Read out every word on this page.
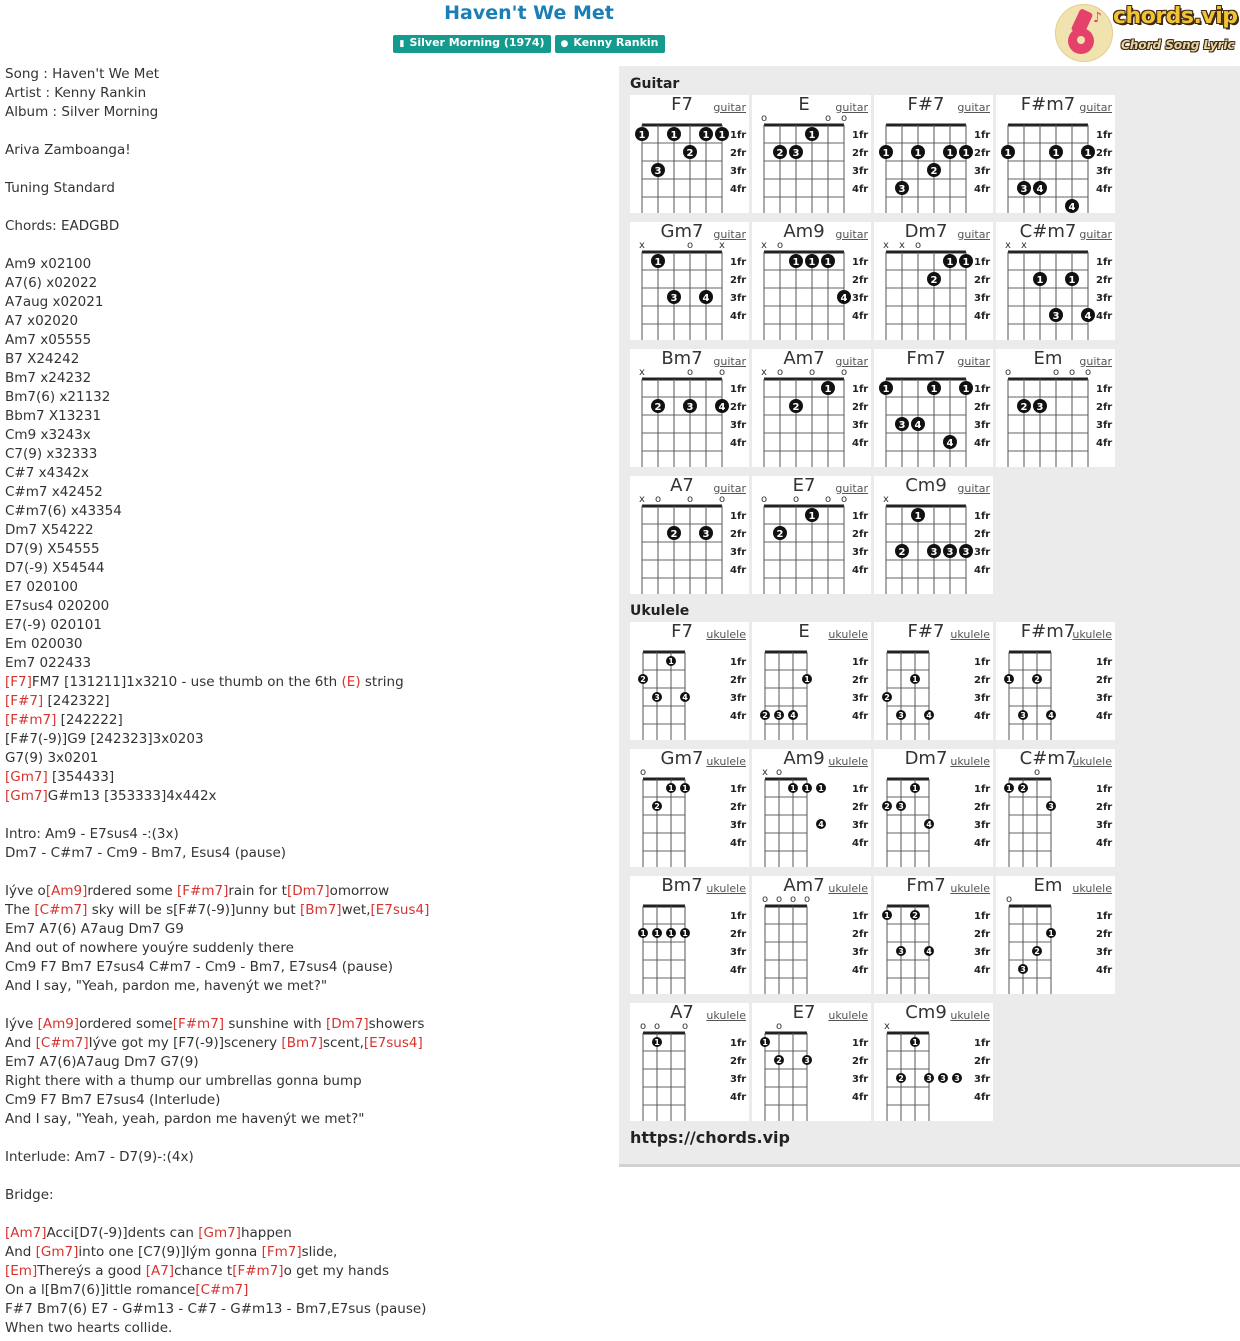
Haven't We Met
▮ Silver Morning (1974) ● Kenny Rankin
♪ chords.vip
Chord Song Lyric
Song : Haven't We Met
Artist : Kenny Rankin
Album : Silver Morning
Ariva Zamboanga!
Tuning Standard
Chords: EADGBD
Am9 x02100
A7(6) x02022
A7aug x02021
A7 x02020
Am7 x05555
B7 X24242
Bm7 x24232
Bm7(6) x21132
Bbm7 X13231
Cm9 x3243x
C7(9) x32333
C#7 x4342x
C#m7 x42452
C#m7(6) x43354
Dm7 X54222
D7(9) X54555
D7(-9) X54544
E7 020100
E7sus4 020200
E7(-9) 020101
Em 020030
Em7 022433
[F7]FM7 [131211]1x3210 - use thumb on the 6th (E) string
[F#7] [242322]
[F#m7] [242222]
[F#7(-9)]G9 [242323]3x0203
G7(9) 3x0201
[Gm7] [354433]
[Gm7]G#m13 [353333]4x442x
Intro: Am9 - E7sus4 -:(3x)
Dm7 - C#m7 - Cm9 - Bm7, Esus4 (pause)
Iýve o[Am9]rdered some [F#m7]rain for t[Dm7]omorrow
The [C#m7] sky will be s[F#7(-9)]unny but [Bm7]wet,[E7sus4]
Em7 A7(6) A7aug Dm7 G9
And out of nowhere youýre suddenly there
Cm9 F7 Bm7 E7sus4 C#m7 - Cm9 - Bm7, E7sus4 (pause)
And I say, "Yeah, pardon me, havenýt we met?"
Iýve [Am9]ordered some[F#m7] sunshine with [Dm7]showers
And [C#m7]Iýve got my [F7(-9)]scenery [Bm7]scent,[E7sus4]
Em7 A7(6)A7aug Dm7 G7(9)
Right there with a thump our umbrellas gonna bump
Cm9 F7 Bm7 E7sus4 (Interlude)
And I say, "Yeah, yeah, pardon me havenýt we met?"
Interlude: Am7 - D7(9)-:(4x)
Bridge:
[Am7]Acci[D7(-9)]dents can [Gm7]happen
And [Gm7]into one [C7(9)]Iým gonna [Fm7]slide,
[Em]Thereýs a good [A7]chance t[F#m7]o get my hands
On a l[Bm7(6)]ittle romance[C#m7]
F#7 Bm7(6) E7 - G#m13 - C#7 - G#m13 - Bm7,E7sus (pause)
When two hearts collide.
Guitar
F7	guitar
1fr
2fr
3fr
4fr
1	1	1 1
2
3
E	guitar
1fr
2fr
3fr
4fr
o	o o
2 3
1
F#7	guitar
1fr
2fr
3fr
4fr
1	1	1 1
2
3
F#m7 guitar
1fr
2fr
3fr
4fr
1	1	1
3 4
4
Gm7 guitar
1fr
2fr
3fr
4fr
x	o	x
1
3	4
Am9 guitar
1fr
2fr
3fr
4fr
x o
1 1 1
4
Dm7 guitar
1fr
2fr
3fr
4fr
x x o
2
1 1
C#m7 guitar
1fr
2fr
3fr
4fr
x x
1	1
3	4
Bm7 guitar
1fr
2fr
3fr
4fr
x	o	o
2	3	4
Am7 guitar
1fr
2fr
3fr
4fr
x o	o	o
2
1
Fm7	guitar
1fr
2fr
3fr
4fr
1	1	1
3 4
4
Em	guitar
1fr
2fr
3fr
4fr
o	o o o
2 3
A7	guitar
1fr
2fr
3fr
4fr
x o	o	o
2	3
E7	guitar
1fr
2fr
3fr
4fr
o	o	o o
2
1
Cm9 guitar
1fr
2fr
3fr
4fr
x
1
2	3 3 3
Ukulele
F7	ukulele
1fr
2fr
3fr
4fr
1
2
3	4
E	ukulele
1fr
2fr
3fr
4fr
1
2 3 4
F#7 ukulele
1fr
2fr
3fr
4fr
1
2
3	4
F#m7
ukulele
1fr
2fr
3fr
4fr
1	2
3	4
Gm7 ukulele
1fr
2fr
3fr
4fr
o
1 1
2
Am9 ukulele
1fr
2fr
3fr
4fr
x o
1 1 1
4
Dm7 ukulele
1fr
2fr
3fr
4fr
1
2 3
4
C#m7
ukulele
1fr
2fr
3fr
4fr
o
1 2
3
Bm7 ukulele
1fr
2fr
3fr
4fr
1 1 1 1
Am7 ukulele
1fr
2fr
3fr
4fr
o o o o
Fm7 ukulele
1fr
2fr
3fr
4fr
1	2
3	4
Em ukulele
1fr
2fr
3fr
4fr
o
1
2
3
A7	ukulele
1fr
2fr
3fr
4fr
o o o
1
E7	ukulele
1fr
2fr
3fr
4fr
o
1
2	3
Cm9 ukulele
1fr
2fr
3fr
4fr
x
1
2	3 3 3
https://chords.vip
